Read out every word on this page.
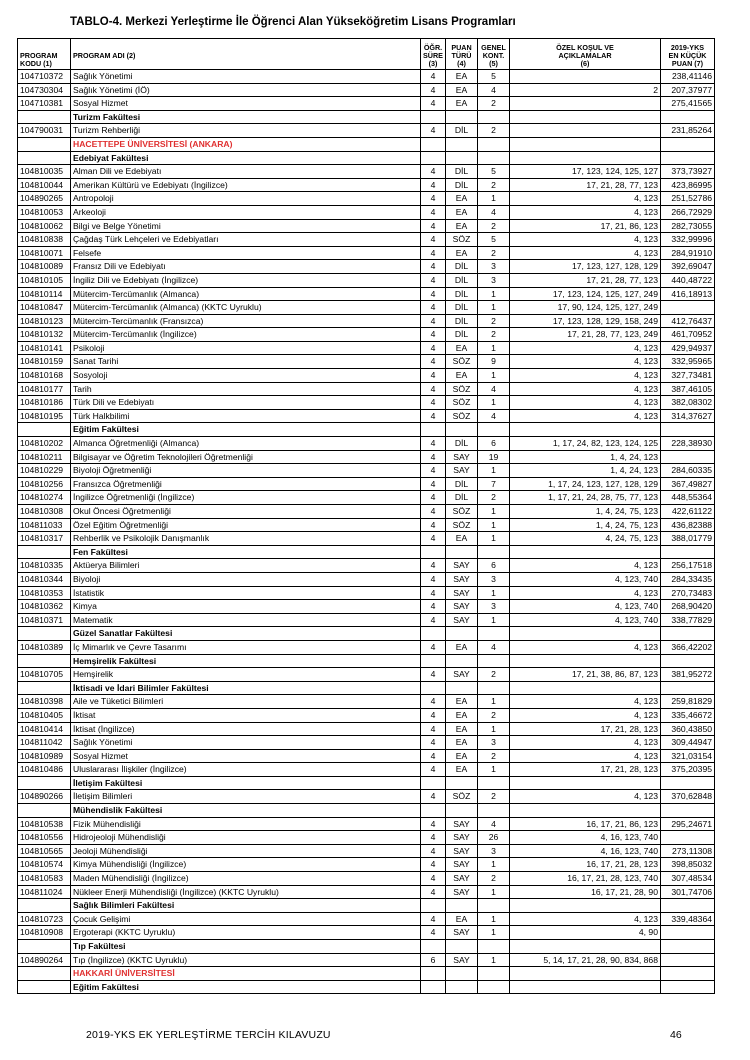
TABLO-4. Merkezi Yerleştirme İle Öğrenci Alan Yükseköğretim Lisans Programları
PROGRAM
KODU (1)	PROGRAM ADI (2)	ÖĞR.
SÜRE
(3)	PUAN
TÜRÜ
(4)	GENEL
KONT.
(5)	ÖZEL KOŞUL VE
AÇIKLAMALAR
(6)	2019-YKS
EN KÜÇÜK
PUAN (7)
104710372	Sağlık Yönetimi	4	EA	5		238,41146
104730304	Sağlık Yönetimi (İÖ)	4	EA	4	2	207,37977
104710381	Sosyal Hizmet	4	EA	2		275,41565
	Turizm Fakültesi					
104790031	Turizm Rehberliği	4	DİL	2		231,85264
	HACETTEPE ÜNİVERSİTESİ (ANKARA)					
	Edebiyat Fakültesi					
104810035	Alman Dili ve Edebiyatı	4	DİL	5	17, 123, 124, 125, 127	373,73927
104810044	Amerikan Kültürü ve Edebiyatı (İngilizce)	4	DİL	2	17, 21, 28, 77, 123	423,86995
104890265	Antropoloji	4	EA	1	4, 123	251,52786
104810053	Arkeoloji	4	EA	4	4, 123	266,72929
104810062	Bilgi ve Belge Yönetimi	4	EA	2	17, 21, 86, 123	282,73055
104810838	Çağdaş Türk Lehçeleri ve Edebiyatları	4	SÖZ	5	4, 123	332,99996
104810071	Felsefe	4	EA	2	4, 123	284,91910
104810089	Fransız Dili ve Edebiyatı	4	DİL	3	17, 123, 127, 128, 129	392,69047
104810105	İngiliz Dili ve Edebiyatı (İngilizce)	4	DİL	3	17, 21, 28, 77, 123	440,48722
104810114	Mütercim-Tercümanlık (Almanca)	4	DİL	1	17, 123, 124, 125, 127, 249	416,18913
104810847	Mütercim-Tercümanlık (Almanca) (KKTC Uyruklu)	4	DİL	1	17, 90, 124, 125, 127, 249	
104810123	Mütercim-Tercümanlık (Fransızca)	4	DİL	2	17, 123, 128, 129, 158, 249	412,76437
104810132	Mütercim-Tercümanlık (İngilizce)	4	DİL	2	17, 21, 28, 77, 123, 249	461,70952
104810141	Psikoloji	4	EA	1	4, 123	429,94937
104810159	Sanat Tarihi	4	SÖZ	9	4, 123	332,95965
104810168	Sosyoloji	4	EA	1	4, 123	327,73481
104810177	Tarih	4	SÖZ	4	4, 123	387,46105
104810186	Türk Dili ve Edebiyatı	4	SÖZ	1	4, 123	382,08302
104810195	Türk Halkbilimi	4	SÖZ	4	4, 123	314,37627
	Eğitim Fakültesi					
104810202	Almanca Öğretmenliği (Almanca)	4	DİL	6	1, 17, 24, 82, 123, 124, 125	228,38930
104810211	Bilgisayar ve Öğretim Teknolojileri Öğretmenliği	4	SAY	19	1, 4, 24, 123	
104810229	Biyoloji Öğretmenliği	4	SAY	1	1, 4, 24, 123	284,60335
104810256	Fransızca Öğretmenliği	4	DİL	7	1, 17, 24, 123, 127, 128, 129	367,49827
104810274	İngilizce Öğretmenliği (İngilizce)	4	DİL	2	1, 17, 21, 24, 28, 75, 77, 123	448,55364
104810308	Okul Öncesi Öğretmenliği	4	SÖZ	1	1, 4, 24, 75, 123	422,61122
104811033	Özel Eğitim Öğretmenliği	4	SÖZ	1	1, 4, 24, 75, 123	436,82388
104810317	Rehberlik ve Psikolojik Danışmanlık	4	EA	1	4, 24, 75, 123	388,01779
	Fen Fakültesi					
104810335	Aktüerya Bilimleri	4	SAY	6	4, 123	256,17518
104810344	Biyoloji	4	SAY	3	4, 123, 740	284,33435
104810353	İstatistik	4	SAY	1	4, 123	270,73483
104810362	Kimya	4	SAY	3	4, 123, 740	268,90420
104810371	Matematik	4	SAY	1	4, 123, 740	338,77829
	Güzel Sanatlar Fakültesi					
104810389	İç Mimarlık ve Çevre Tasarımı	4	EA	4	4, 123	366,42202
	Hemşirelik Fakültesi					
104810705	Hemşirelik	4	SAY	2	17, 21, 38, 86, 87, 123	381,95272
	İktisadi ve İdari Bilimler Fakültesi					
104810398	Aile ve Tüketici Bilimleri	4	EA	1	4, 123	259,81829
104810405	İktisat	4	EA	2	4, 123	335,46672
104810414	İktisat (İngilizce)	4	EA	1	17, 21, 28, 123	360,43850
104811042	Sağlık Yönetimi	4	EA	3	4, 123	309,44947
104810989	Sosyal Hizmet	4	EA	2	4, 123	321,03154
104810486	Uluslararası İlişkiler (İngilizce)	4	EA	1	17, 21, 28, 123	375,20395
	İletişim Fakültesi					
104890266	İletişim Bilimleri	4	SÖZ	2	4, 123	370,62848
	Mühendislik Fakültesi					
104810538	Fizik Mühendisliği	4	SAY	4	16, 17, 21, 86, 123	295,24671
104810556	Hidrojeoloji Mühendisliği	4	SAY	26	4, 16, 123, 740	
104810565	Jeoloji Mühendisliği	4	SAY	3	4, 16, 123, 740	273,11308
104810574	Kimya Mühendisliği (İngilizce)	4	SAY	1	16, 17, 21, 28, 123	398,85032
104810583	Maden Mühendisliği (İngilizce)	4	SAY	2	16, 17, 21, 28, 123, 740	307,48534
104811024	Nükleer Enerji Mühendisliği (İngilizce) (KKTC Uyruklu)	4	SAY	1	16, 17, 21, 28, 90	301,74706
	Sağlık Bilimleri Fakültesi					
104810723	Çocuk Gelişimi	4	EA	1	4, 123	339,48364
104810908	Ergoterapi (KKTC Uyruklu)	4	SAY	1	4, 90	
	Tıp Fakültesi					
104890264	Tıp (İngilizce) (KKTC Uyruklu)	6	SAY	1	5, 14, 17, 21, 28, 90, 834, 868	
	HAKKARİ ÜNİVERSİTESİ					
	Eğitim Fakültesi					
2019-YKS EK YERLEŞTİRME TERCİH KILAVUZU	46
